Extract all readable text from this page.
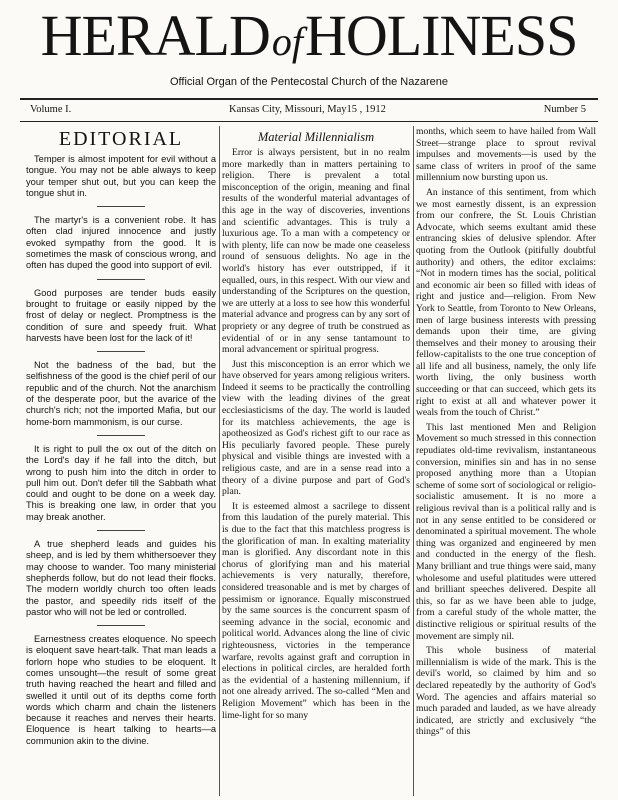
HERALDofHOLINESS
Official Organ of the Pentecostal Church of the Nazarene
Volume I.	Kansas City, Missouri, May15 , 1912	Number 5
EDITORIAL

Temper is almost impotent for evil without a tongue. You may not be able always to keep your temper shut out, but you can keep the tongue shut in.

The martyr's is a convenient robe. It has often clad injured innocence and justly evoked sympathy from the good. It is sometimes the mask of conscious wrong, and often has duped the good into support of evil.

Good purposes are tender buds easily brought to fruitage or easily nipped by the frost of delay or neglect. Promptness is the condition of sure and speedy fruit. What harvests have been lost for the lack of it!

Not the badness of the bad, but the selfishness of the good is the chief peril of our republic and of the church. Not the anarchism of the desperate poor, but the avarice of the church's rich; not the imported Mafia, but our home-born mammonism, is our curse.

It is right to pull the ox out of the ditch on the Lord's day if he fall into the ditch, but wrong to push him into the ditch in order to pull him out. Don't defer till the Sabbath what could and ought to be done on a week day. This is breaking one law, in order that you may break another.

A true shepherd leads and guides his sheep, and is led by them whithersoever they may choose to wander. Too many ministerial shepherds follow, but do not lead their flocks. The modern worldly church too often leads the pastor, and speedily rids itself of the pastor who will not be led or controlled.

Earnestness creates eloquence. No speech is eloquent save heart-talk. That man leads a forlorn hope who studies to be eloquent. It comes unsought—the result of some great truth having reached the heart and filled and swelled it until out of its depths come forth words which charm and chain the listeners because it reaches and nerves their hearts. Eloquence is heart talking to hearts—a communion akin to the divine.

Material Millennialism

Error is always persistent, but in no realm more markedly than in matters pertaining to religion. There is prevalent a total misconception of the origin, meaning and final results of the wonderful material advantages of this age in the way of discoveries, inventions and scientific advantages. This is truly a luxurious age. To a man with a competency or with plenty, life can now be made one ceaseless round of sensuous delights. No age in the world's history has ever outstripped, if it equalled, ours, in this respect. With our view and understanding of the Scriptures on the question, we are utterly at a loss to see how this wonderful material advance and progress can by any sort of propriety or any degree of truth be construed as evidential of or in any sense tantamount to moral advancement or spiritual progress.

Just this misconception is an error which we have observed for years among religious writers. Indeed it seems to be practically the controlling view with the leading divines of the great ecclesiasticisms of the day. The world is lauded for its matchless achievements, the age is apotheosized as God's richest gift to our race as His peculiarly favored people. These purely physical and visible things are invested with a religious caste, and are in a sense read into a theory of a divine purpose and part of God's plan.

It is esteemed almost a sacrilege to dissent from this laudation of the purely material. This is due to the fact that this matchless progress is the glorification of man. In exalting materiality man is glorified. Any discordant note in this chorus of glorifying man and his material achievements is very naturally, therefore, considered treasonable and is met by charges of pessimism or ignorance. Equally misconstrued by the same sources is the concurrent spasm of seeming advance in the social, economic and political world. Advances along the line of civic righteousness, victories in the temperance warfare, revolts against graft and corruption in elections in political circles, are heralded forth as the evidential of a hastening millennium, if not one already arrived. The so-called “Men and Religion Movement” which has been in the lime-light for so many

months, which seem to have hailed from Wall Street—strange place to sprout revival impulses and movements—is used by the same class of writers in proof of the same millennium now bursting upon us.

An instance of this sentiment, from which we most earnestly dissent, is an expression from our confrere, the St. Louis Christian Advocate, which seems exultant amid these entrancing skies of delusive splendor. After quoting from the Outlook (pitifully doubtful authority) and others, the editor exclaims: “Not in modern times has the social, political and economic air been so filled with ideas of right and justice and—religion. From New York to Seattle, from Toronto to New Orleans, men of large business interests with pressing demands upon their time, are giving themselves and their money to arousing their fellow-capitalists to the one true conception of all life and all business, namely, the only life worth living, the only business worth succeeding or that can succeed, which gets its right to exist at all and whatever power it weals from the touch of Christ.”

This last mentioned Men and Religion Movement so much stressed in this connection repudiates old-time revivalism, instantaneous conversion, minifies sin and has in no sense proposed anything more than a Utopian scheme of some sort of sociological or religio-socialistic amusement. It is no more a religious revival than is a political rally and is not in any sense entitled to be considered or denominated a spiritual movement. The whole thing was organized and engineered by men and conducted in the energy of the flesh. Many brilliant and true things were said, many wholesome and useful platitudes were uttered and brilliant speeches delivered. Despite all this, so far as we have been able to judge, from a careful study of the whole matter, the distinctive religious or spiritual results of the movement are simply nil.

This whole business of material millennialism is wide of the mark. This is the devil's world, so claimed by him and so declared repeatedly by the authority of God's Word. The agencies and affairs material so much paraded and lauded, as we have already indicated, are strictly and exclusively “the things” of this
